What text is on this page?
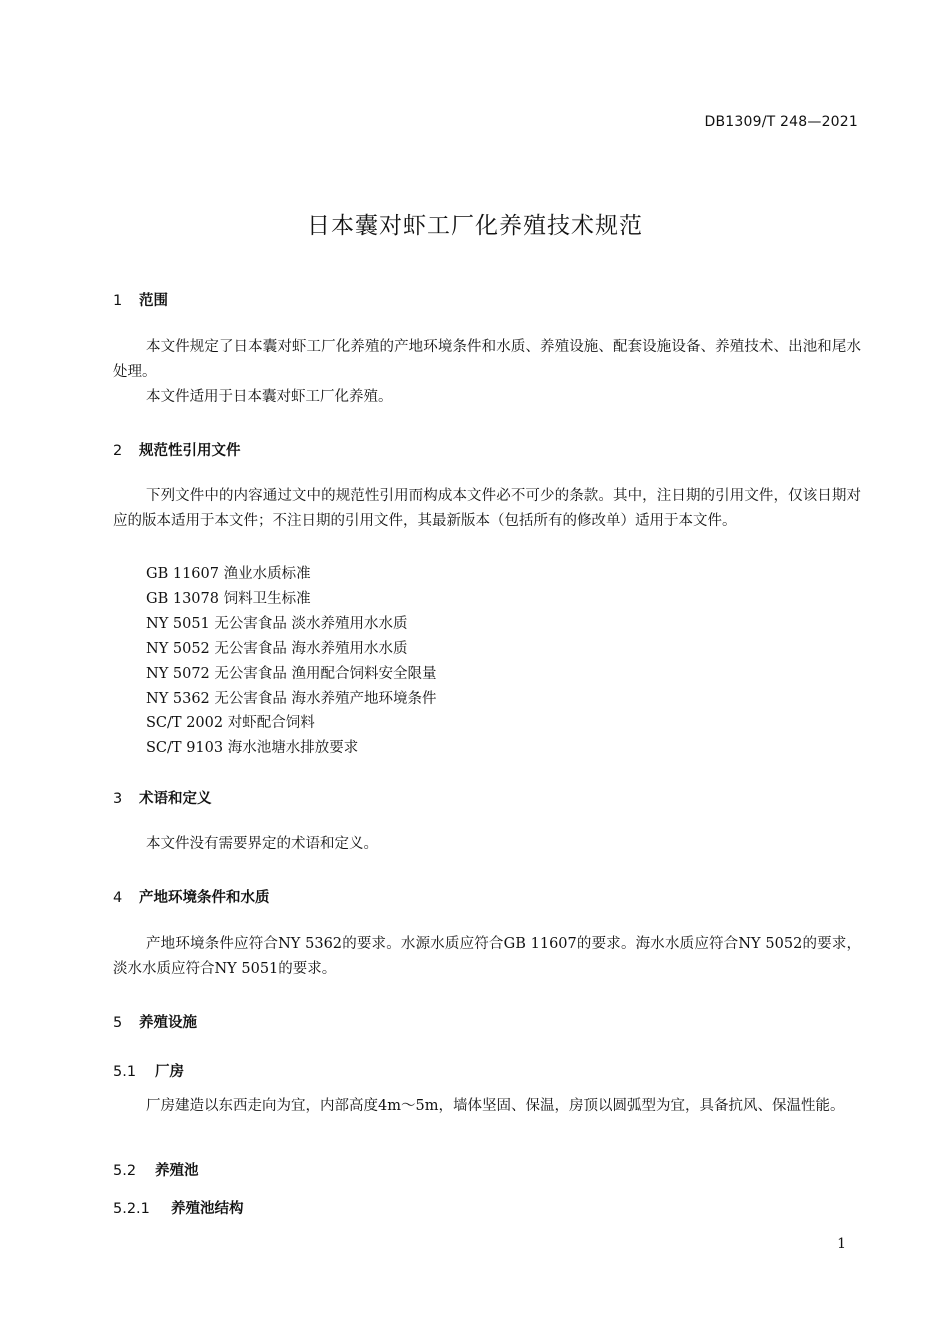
DB1309/T 248—2021
日本囊对虾工厂化养殖技术规范
1 范围
本文件规定了日本囊对虾工厂化养殖的产地环境条件和水质、养殖设施、配套设施设备、养殖技术、出池和尾水处理。
本文件适用于日本囊对虾工厂化养殖。
2 规范性引用文件
下列文件中的内容通过文中的规范性引用而构成本文件必不可少的条款。其中，注日期的引用文件，仅该日期对应的版本适用于本文件；不注日期的引用文件，其最新版本（包括所有的修改单）适用于本文件。
GB 11607 渔业水质标准
GB 13078 饲料卫生标准
NY 5051 无公害食品 淡水养殖用水水质
NY 5052 无公害食品 海水养殖用水水质
NY 5072 无公害食品 渔用配合饲料安全限量
NY 5362 无公害食品 海水养殖产地环境条件
SC/T 2002 对虾配合饲料
SC/T 9103 海水池塘水排放要求
3 术语和定义
本文件没有需要界定的术语和定义。
4 产地环境条件和水质
产地环境条件应符合NY 5362的要求。水源水质应符合GB 11607的要求。海水水质应符合NY 5052的要求，淡水水质应符合NY 5051的要求。
5 养殖设施
5.1 厂房
厂房建造以东西走向为宜，内部高度4m～5m，墙体坚固、保温，房顶以圆弧型为宜，具备抗风、保温性能。
5.2 养殖池
5.2.1 养殖池结构
1
